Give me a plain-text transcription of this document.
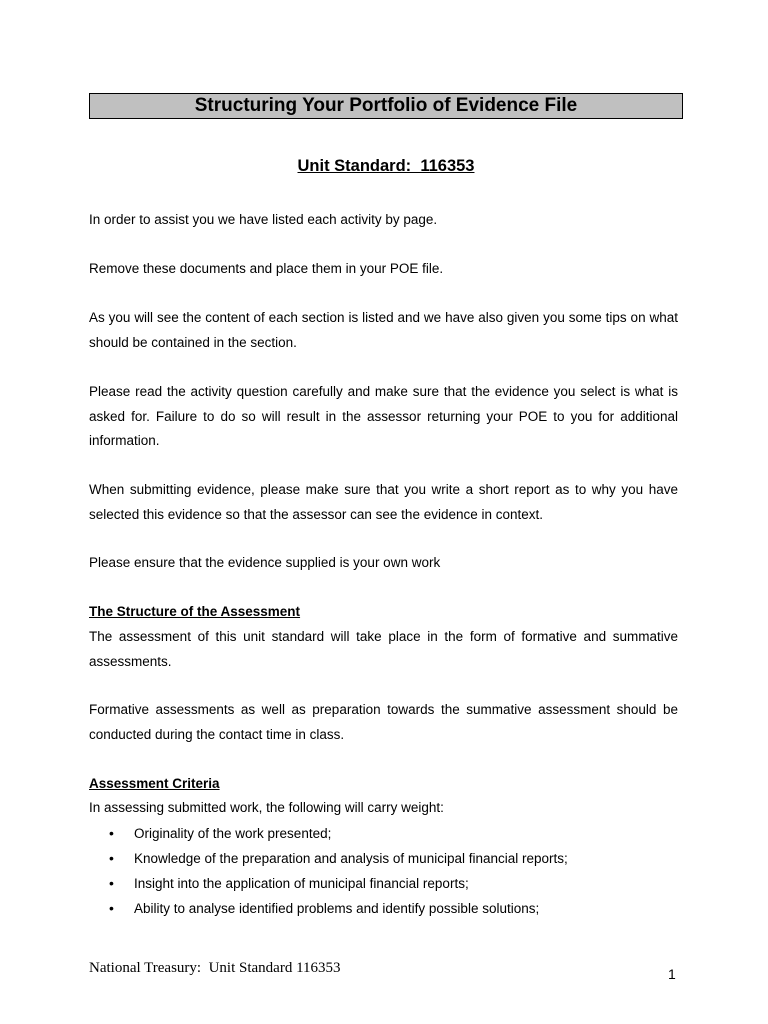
Structuring Your Portfolio of Evidence File
Unit Standard:  116353
In order to assist you we have listed each activity by page.
Remove these documents and place them in your POE file.
As you will see the content of each section is listed and we have also given you some tips on what should be contained in the section.
Please read the activity question carefully and make sure that the evidence you select is what is asked for. Failure to do so will result in the assessor returning your POE to you for additional information.
When submitting evidence, please make sure that you write a short report as to why you have selected this evidence so that the assessor can see the evidence in context.
Please ensure that the evidence supplied is your own work
The Structure of the Assessment
The assessment of this unit standard will take place in the form of formative and summative assessments.
Formative assessments as well as preparation towards the summative assessment should be conducted during the contact time in class.
Assessment Criteria
In assessing submitted work, the following will carry weight:
• Originality of the work presented;
• Knowledge of the preparation and analysis of municipal financial reports;
• Insight into the application of municipal financial reports;
• Ability to analyse identified problems and identify possible solutions;
National Treasury:  Unit Standard 116353	1
